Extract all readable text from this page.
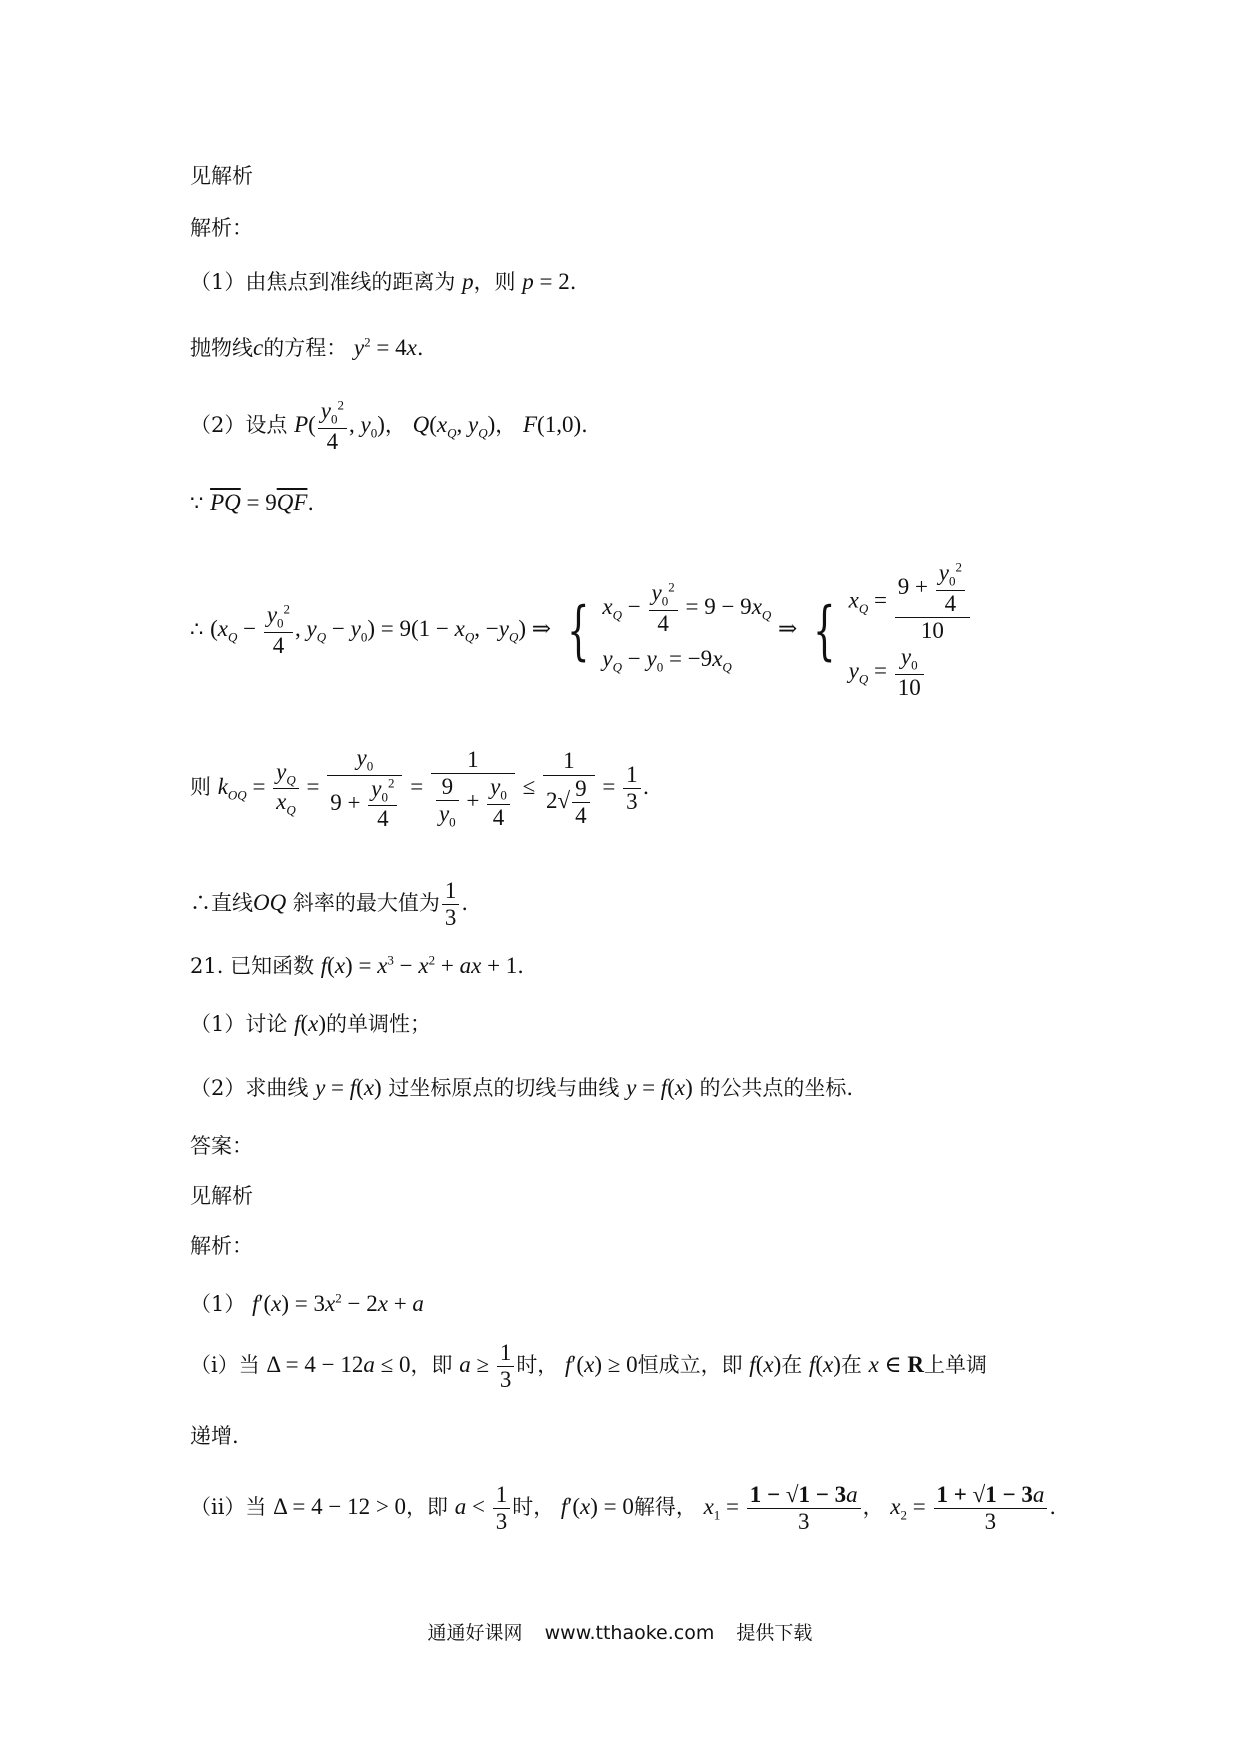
见解析
解析：
（1）由焦点到准线的距离为 p，则 p = 2.
抛物线c的方程： $y^2 = 4x$.
（2）设点 $P( \frac{y_0^2}{4}$ , $y_0$)， $Q(x_Q$, $y_Q$)， F(1,0).
∵ $\overline{PQ} = 9\overline{QF}$.
∴ ($x_Q - \frac{y_0^2}{4}$ , $y_Q - y_0) = 9(1 - x_Q$, $-y_Q$) ⇒ { $x_Q - \frac{y_0^2}{4} = 9 - 9x_Q$
$y_Q - y_0 = -9x_Q$
⇒ { $x_Q = \frac{9 + \frac{y_0^2}{4}}{10}$
$y_Q = \frac{y_0}{10}$
则 $k_{OQ} = \frac{y_Q}{x_Q} = \frac{y_0}{9 + \frac{y_0^2}{4}} = \frac{1}{\frac{9}{y_0} + \frac{y_0}{4}} \le \frac{1}{2√ \frac{9}{4}} = \frac{1}{3}$ .
∴直线OQ 斜率的最大值为 $\frac{1}{3}$ .
21. 已知函数 $f(x) = x^3 - x^2$ + ax + 1.
（1）讨论 f(x)的单调性；
（2）求曲线 y = f(x) 过坐标原点的切线与曲线 y = f(x) 的公共点的坐标.
答案：
见解析
解析：
（1） $f'(x) = 3x^2 - 2x + a$
（i）当 Δ = 4 − 12a ≤ 0，即 $a \ge \frac{1}{3}$ 时， f′(x) ≥ 0恒成立，即 f(x)在 f(x)在 x ∈ R上单调
递增.
（ii）当 Δ = 4 − 12 > 0，即 $a < \frac{1}{3}$ 时， f′(x) = 0解得， $x_1 = \frac{1 - √1 - 3a}{3}$ ， $x_2 = \frac{1 + √1 - 3a}{3}$ .
通通好课网 www.tthaoke.com 提供下载
